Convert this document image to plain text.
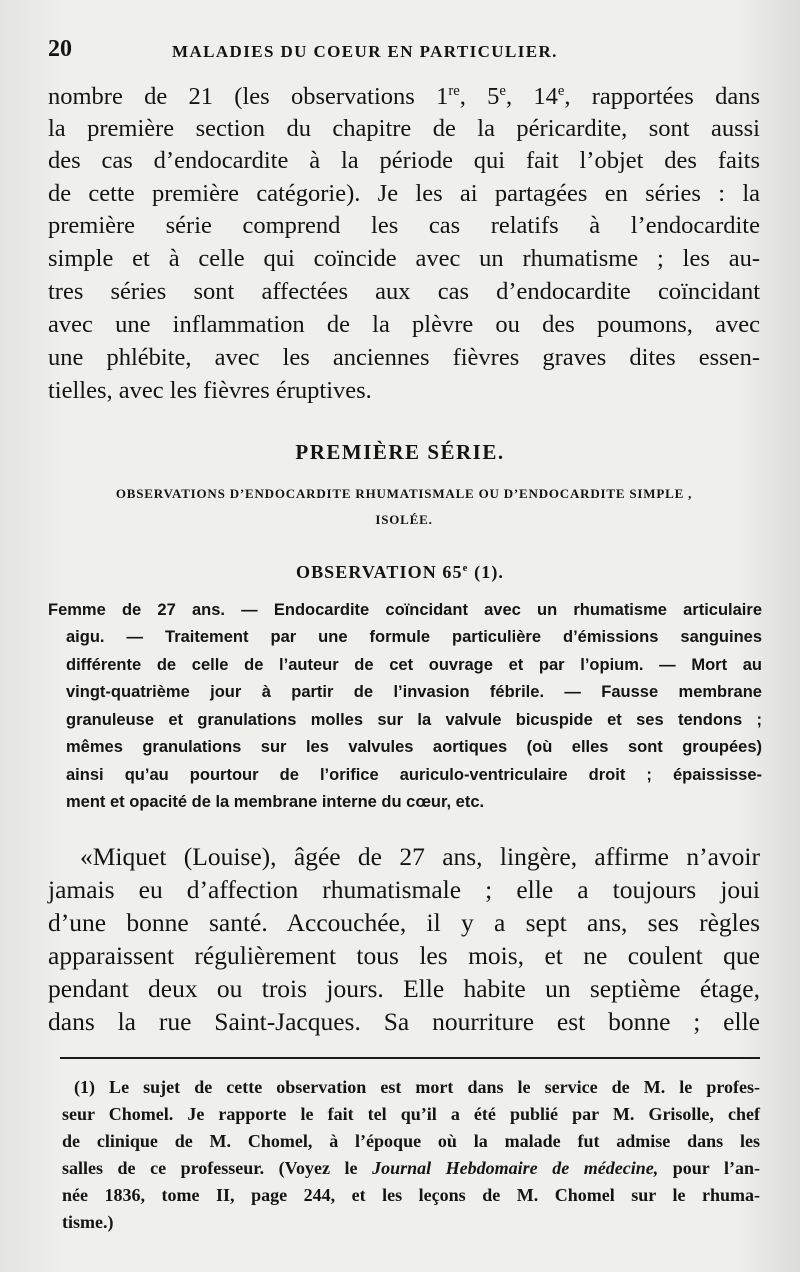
20	MALADIES DU COEUR EN PARTICULIER.
nombre de 21 (les observations 1re, 5e, 14e, rapportées dans
la première section du chapitre de la péricardite, sont aussi
des cas d’endocardite à la période qui fait l’objet des faits
de cette première catégorie). Je les ai partagées en séries : la
première série comprend les cas relatifs à l’endocardite
simple et à celle qui coïncide avec un rhumatisme ; les au-
tres séries sont affectées aux cas d’endocardite coïncidant
avec une inflammation de la plèvre ou des poumons, avec
une phlébite, avec les anciennes fièvres graves dites essen-
tielles, avec les fièvres éruptives.
PREMIÈRE SÉRIE.
OBSERVATIONS D’ENDOCARDITE RHUMATISMALE OU D’ENDOCARDITE SIMPLE ,
ISOLÉE.
OBSERVATION 65e (1).
Femme de 27 ans. — Endocardite coïncidant avec un rhumatisme articulaire
aigu. — Traitement par une formule particulière d’émissions sanguines
différente de celle de l’auteur de cet ouvrage et par l’opium. — Mort au
vingt-quatrième jour à partir de l’invasion fébrile. — Fausse membrane
granuleuse et granulations molles sur la valvule bicuspide et ses tendons ;
mêmes granulations sur les valvules aortiques (où elles sont groupées)
ainsi qu’au pourtour de l’orifice auriculo-ventriculaire droit ; épaississe-
ment et opacité de la membrane interne du cœur, etc.
«Miquet (Louise), âgée de 27 ans, lingère, affirme n’avoir
jamais eu d’affection rhumatismale ; elle a toujours joui
d’une bonne santé. Accouchée, il y a sept ans, ses règles
apparaissent régulièrement tous les mois, et ne coulent que
pendant deux ou trois jours. Elle habite un septième étage,
dans la rue Saint-Jacques. Sa nourriture est bonne ; elle
(1) Le sujet de cette observation est mort dans le service de M. le profes-
seur Chomel. Je rapporte le fait tel qu’il a été publié par M. Grisolle, chef
de clinique de M. Chomel, à l’époque où la malade fut admise dans les
salles de ce professeur. (Voyez le Journal Hebdomaire de médecine, pour l’an-
née 1836, tome II, page 244, et les leçons de M. Chomel sur le rhuma-
tisme.)
